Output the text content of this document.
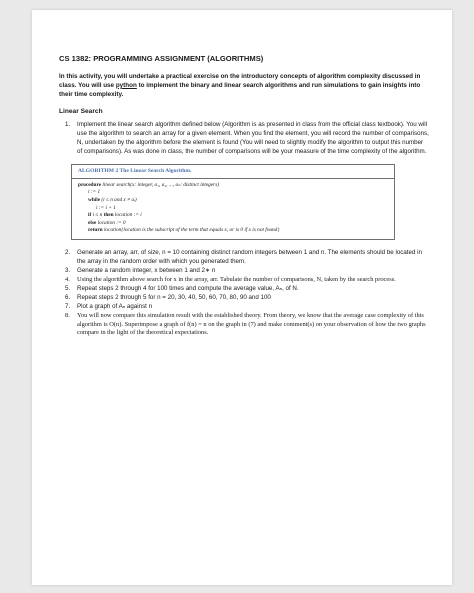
CS 1382: PROGRAMMING ASSIGNMENT (ALGORITHMS)
In this activity, you will undertake a practical exercise on the introductory concepts of algorithm complexity discussed in class. You will use python to implement the binary and linear search algorithms and run simulations to gain insights into their time complexity.
Linear Search
1. Implement the linear search algorithm defined below (Algorithm is as presented in class from the official class textbook). You will use the algorithm to search an array for a given element. When you find the element, you will record the number of comparisons, N, undertaken by the algorithm before the element is found (You will need to slightly modify the algorithm to output this number of comparisons). As was done in class, the number of comparisons will be your measure of the time complexity of the algorithm.
ALGORITHM 2 The Linear Search Algorithm.
procedure linear search(x: integer, a₁, a₂, ..., aₙ: distinct integers)
i := 1
while (i ≤ n and x ≠ aᵢ)
i := i + 1
if i ≤ n then location := i
else location := 0
return location{location is the subscript of the term that equals x, or is 0 if x is not found}
2. Generate an array, arr, of size, n = 10 containing distinct random integers between 1 and n. The elements should be located in the array in the random order with which you generated them.
3. Generate a random integer, x between 1 and 2∗ n
4. Using the algorithm above search for x in the array, arr. Tabulate the number of comparisons, N, taken by the search process.
5. Repeat steps 2 through 4 for 100 times and compute the average value, Aₙ, of N.
6. Repeat steps 2 through 5 for n = 20, 30, 40, 50, 60, 70, 80, 90 and 100
7. Plot a graph of Aₙ against n
8. You will now compare this simulation result with the established theory. From theory, we know that the average case complexity of this algorithm is O(n). Superimpose a graph of f(n) = n on the graph in (7) and make comment(s) on your observation of how the two graphs compare in the light of the theoretical expectations.
